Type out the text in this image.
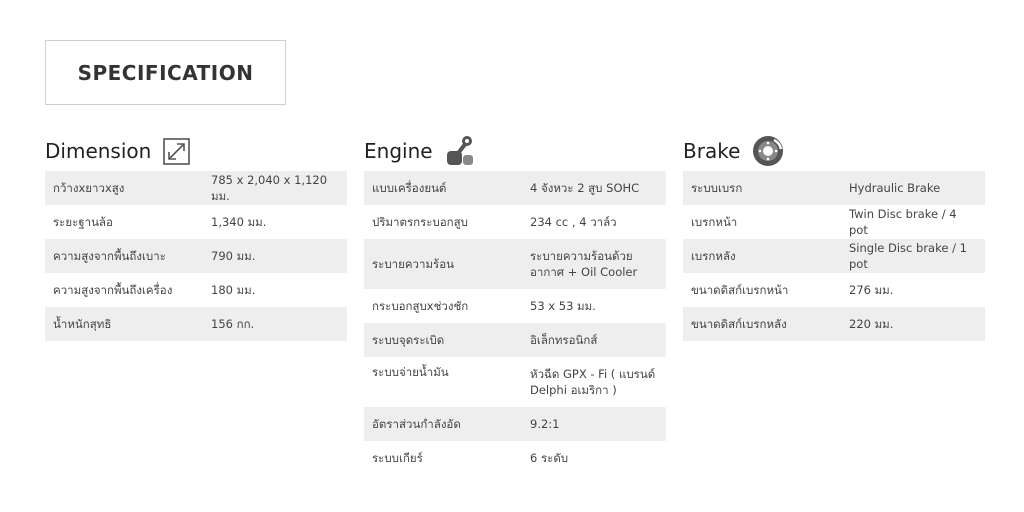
SPECIFICATION
Dimension
กว้างxยาวxสูง	785 x 2,040 x 1,120 มม.
ระยะฐานล้อ	1,340 มม.
ความสูงจากพื้นถึงเบาะ	790 มม.
ความสูงจากพื้นถึงเครื่อง	180 มม.
น้ำหนักสุทธิ	156 กก.
Engine
แบบเครื่องยนต์	4 จังหวะ 2 สูบ SOHC
ปริมาตรกระบอกสูบ	234 cc , 4 วาล์ว
ระบายความร้อน	ระบายความร้อนด้วยอากาศ + Oil Cooler
กระบอกสูบxช่วงชัก	53 x 53 มม.
ระบบจุดระเบิด	อิเล็กทรอนิกส์
ระบบจ่ายน้ำมัน	หัวฉีด GPX - Fi ( แบรนด์ Delphi อเมริกา )
อัตราส่วนกำลังอัด	9.2:1
ระบบเกียร์	6 ระดับ
Brake
ระบบเบรก	Hydraulic Brake
เบรกหน้า	Twin Disc brake / 4 pot
เบรกหลัง	Single Disc brake / 1 pot
ขนาดดิสก์เบรกหน้า	276 มม.
ขนาดดิสก์เบรกหลัง	220 มม.
